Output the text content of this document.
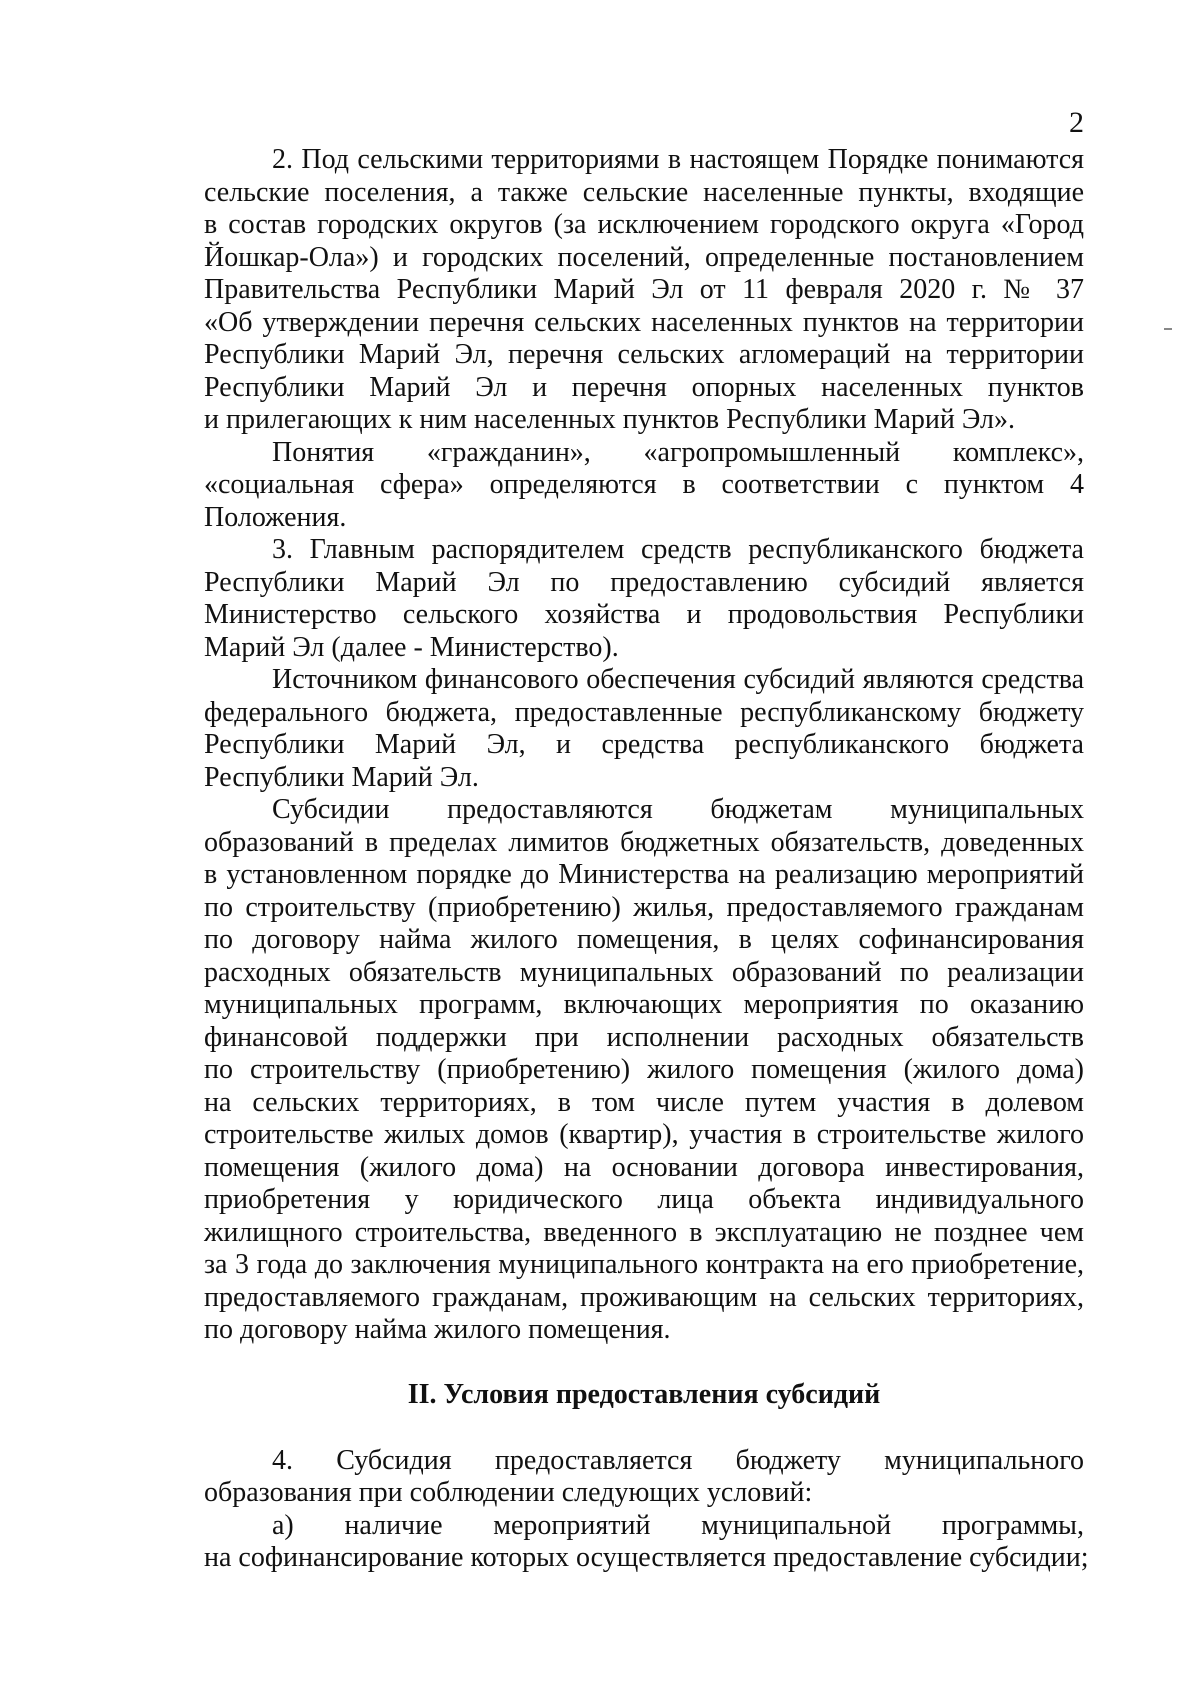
2
2. Под сельскими территориями в настоящем Порядке понимаются
сельские поселения, а также сельские населенные пункты, входящие
в состав городских округов (за исключением городского округа «Город
Йошкар-Ола») и городских поселений, определенные постановлением
Правительства Республики Марий Эл от 11 февраля 2020 г. № 37
«Об утверждении перечня сельских населенных пунктов на территории
Республики Марий Эл, перечня сельских агломераций на территории
Республики Марий Эл и перечня опорных населенных пунктов
и прилегающих к ним населенных пунктов Республики Марий Эл».
Понятия «гражданин», «агропромышленный комплекс»,
«социальная сфера» определяются в соответствии с пунктом 4
Положения.
3. Главным распорядителем средств республиканского бюджета
Республики Марий Эл по предоставлению субсидий является
Министерство сельского хозяйства и продовольствия Республики
Марий Эл (далее - Министерство).
Источником финансового обеспечения субсидий являются средства
федерального бюджета, предоставленные республиканскому бюджету
Республики Марий Эл, и средства республиканского бюджета
Республики Марий Эл.
Субсидии предоставляются бюджетам муниципальных
образований в пределах лимитов бюджетных обязательств, доведенных
в установленном порядке до Министерства на реализацию мероприятий
по строительству (приобретению) жилья, предоставляемого гражданам
по договору найма жилого помещения, в целях софинансирования
расходных обязательств муниципальных образований по реализации
муниципальных программ, включающих мероприятия по оказанию
финансовой поддержки при исполнении расходных обязательств
по строительству (приобретению) жилого помещения (жилого дома)
на сельских территориях, в том числе путем участия в долевом
строительстве жилых домов (квартир), участия в строительстве жилого
помещения (жилого дома) на основании договора инвестирования,
приобретения у юридического лица объекта индивидуального
жилищного строительства, введенного в эксплуатацию не позднее чем
за 3 года до заключения муниципального контракта на его приобретение,
предоставляемого гражданам, проживающим на сельских территориях,
по договору найма жилого помещения.
II. Условия предоставления субсидий
4. Субсидия предоставляется бюджету муниципального
образования при соблюдении следующих условий:
а) наличие мероприятий муниципальной программы,
на софинансирование которых осуществляется предоставление субсидии;
